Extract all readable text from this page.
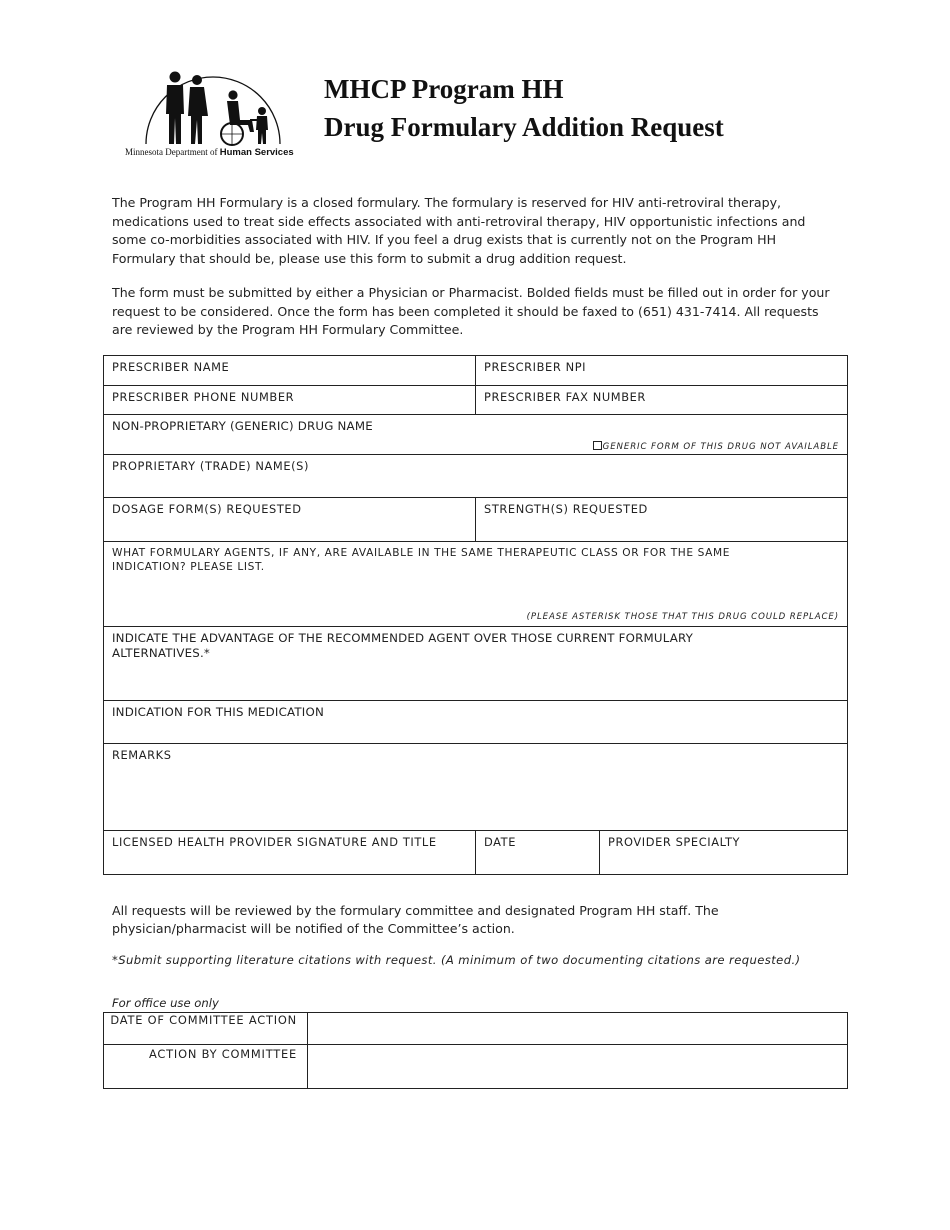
Minnesota Department of Human Services
MHCP Program HH
Drug Formulary Addition Request

The Program HH Formulary is a closed formulary. The formulary is reserved for HIV anti-retroviral therapy, medications used to treat side effects associated with anti-retroviral therapy, HIV opportunistic infections and some co-morbidities associated with HIV. If you feel a drug exists that is currently not on the Program HH Formulary that should be, please use this form to submit a drug addition request.

The form must be submitted by either a Physician or Pharmacist. Bolded fields must be filled out in order for your request to be considered. Once the form has been completed it should be faxed to (651) 431-7414. All requests are reviewed by the Program HH Formulary Committee.

PRESCRIBER NAME	PRESCRIBER NPI	
PRESCRIBER PHONE NUMBER	PRESCRIBER FAX NUMBER	
NON-PROPRIETARY (GENERIC) DRUG NAME
GENERIC FORM OF THIS DRUG NOT AVAILABLE		

PROPRIETARY (TRADE) NAME(S)		
DOSAGE FORM(S) REQUESTED	STRENGTH(S) REQUESTED	
WHAT FORMULARY AGENTS, IF ANY, ARE AVAILABLE IN THE SAME THERAPEUTIC CLASS OR FOR THE SAME INDICATION? PLEASE LIST.
(PLEASE ASTERISK THOSE THAT THIS DRUG COULD REPLACE)		

INDICATE THE ADVANTAGE OF THE RECOMMENDED AGENT OVER THOSE CURRENT FORMULARY ALTERNATIVES.*		
INDICATION FOR THIS MEDICATION		
REMARKS		
LICENSED HEALTH PROVIDER SIGNATURE AND TITLE	DATE	PROVIDER SPECIALTY

All requests will be reviewed by the formulary committee and designated Program HH staff. The physician/pharmacist will be notified of the Committee’s action.

*Submit supporting literature citations with request. (A minimum of two documenting citations are requested.)
For office use only
DATE OF COMMITTEE ACTION	
ACTION BY COMMITTEE	
